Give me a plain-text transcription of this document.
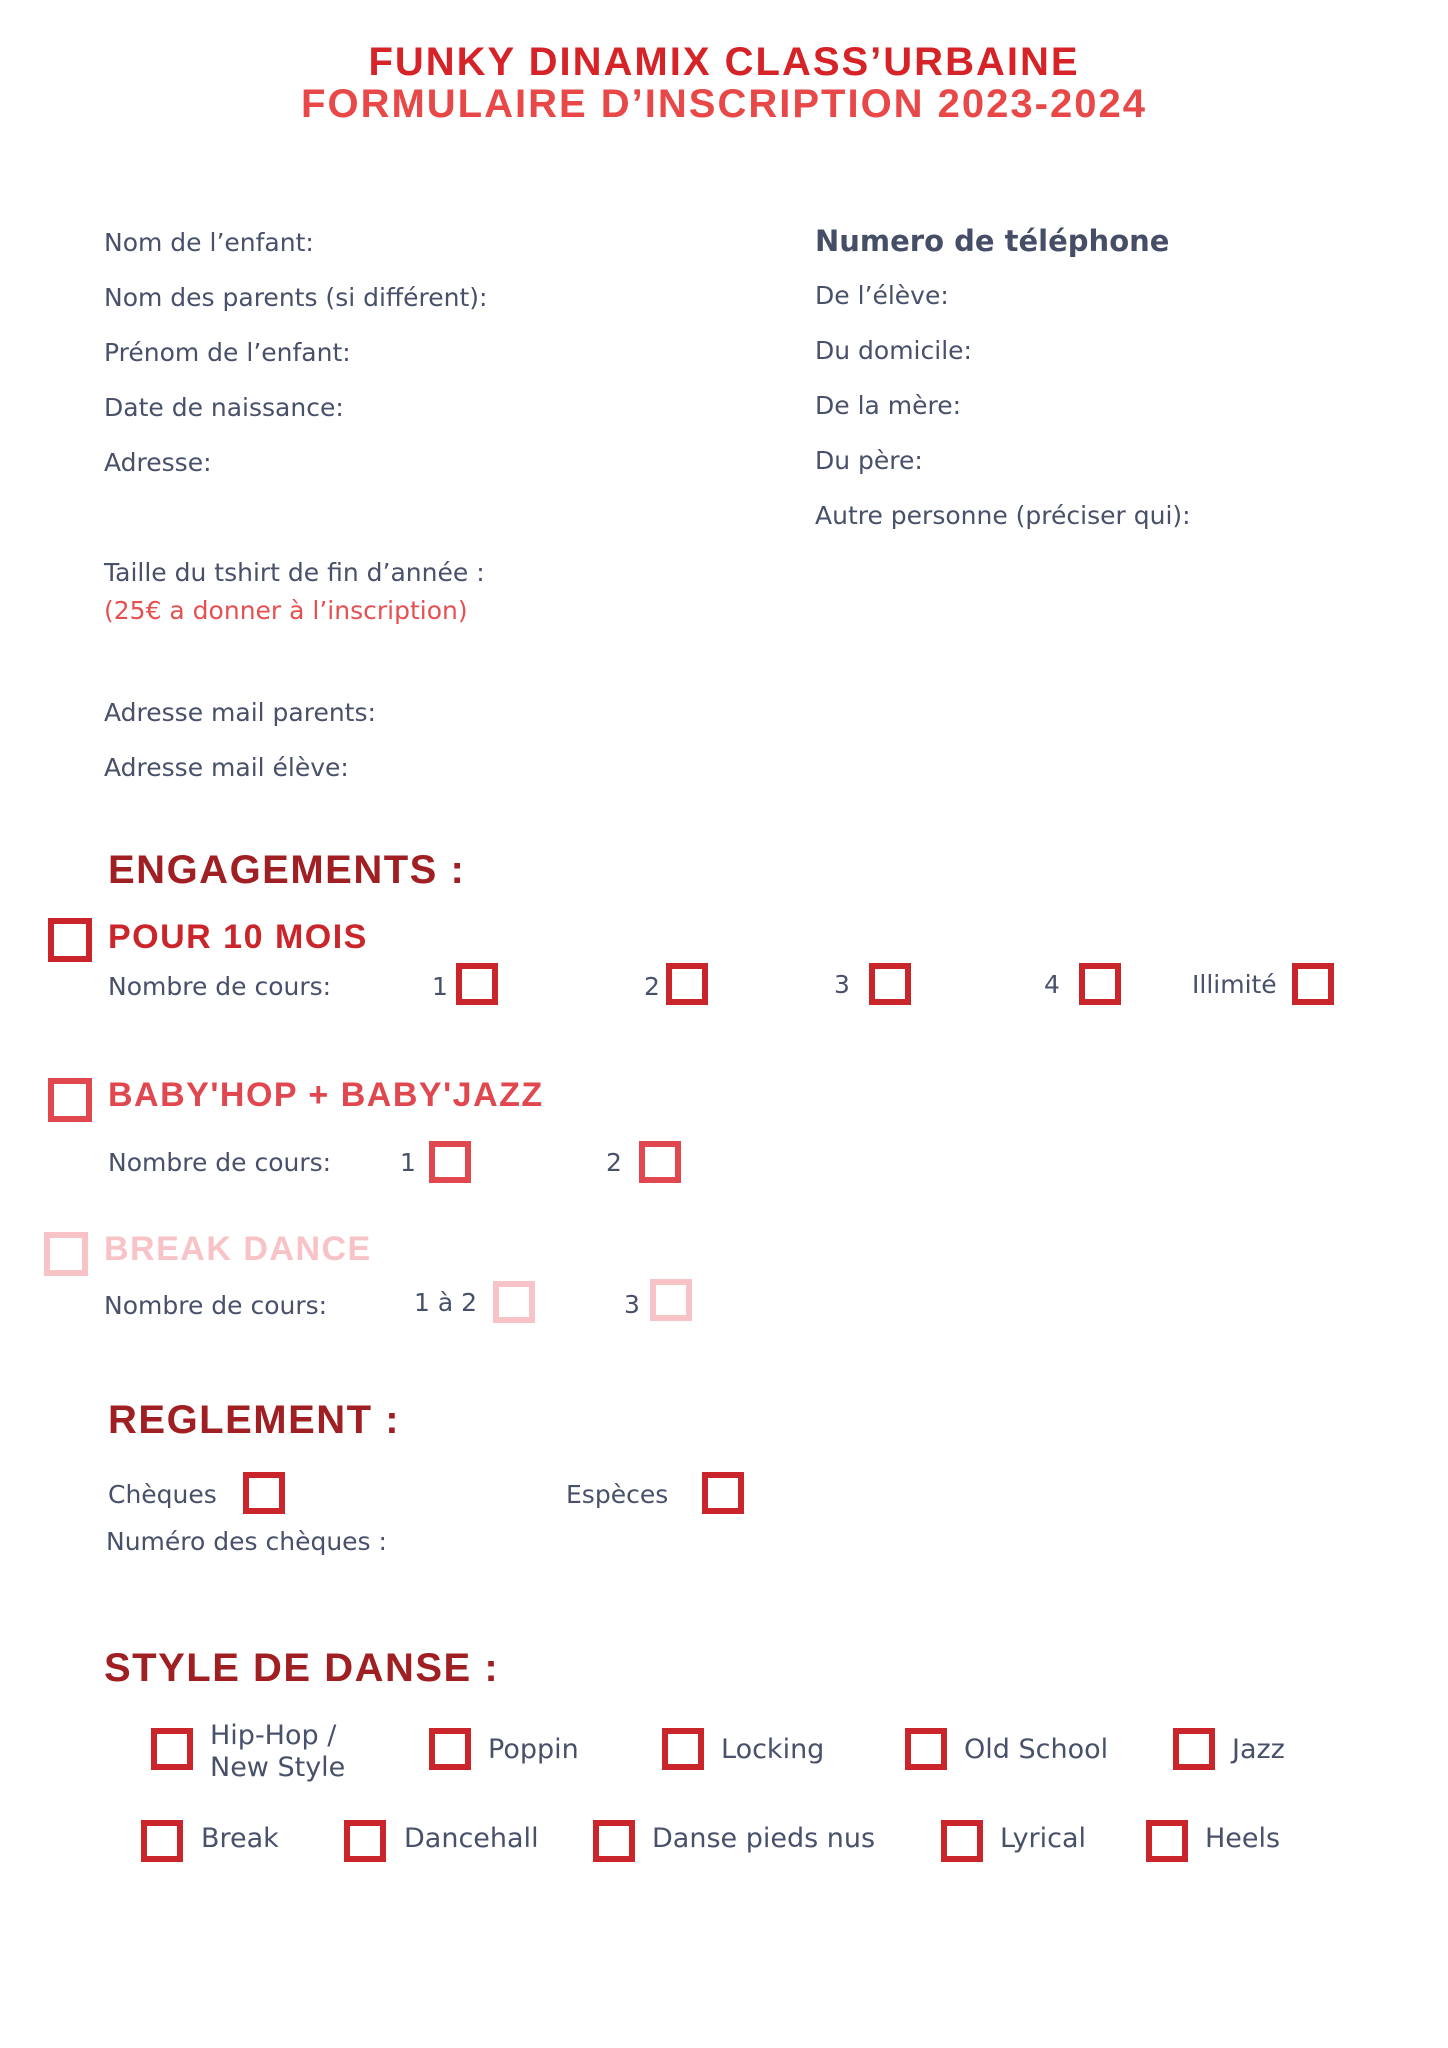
FUNKY DINAMIX CLASS’URBAINE
FORMULAIRE D’INSCRIPTION 2023-2024
Nom de l’enfant:
Nom des parents (si différent):
Prénom de l’enfant:
Date de naissance:
Adresse:
Taille du tshirt de fin d’année :
(25€ a donner à l’inscription)
Adresse mail parents:
Adresse mail élève:
Numero de téléphone
De l’élève:
Du domicile:
De la mère:
Du père:
Autre personne (préciser qui):
ENGAGEMENTS :
POUR 10 MOIS
Nombre de cours:	1	2	3	4	Illimité
BABY'HOP + BABY'JAZZ
Nombre de cours:	1	2
BREAK DANCE
Nombre de cours:	1 à 2	3
REGLEMENT :
Chèques	Espèces
Numéro des chèques :
STYLE DE DANSE :
Hip-Hop / New Style
Poppin	Locking	Old School	Jazz
Break	Dancehall	Danse pieds nus	Lyrical	Heels
